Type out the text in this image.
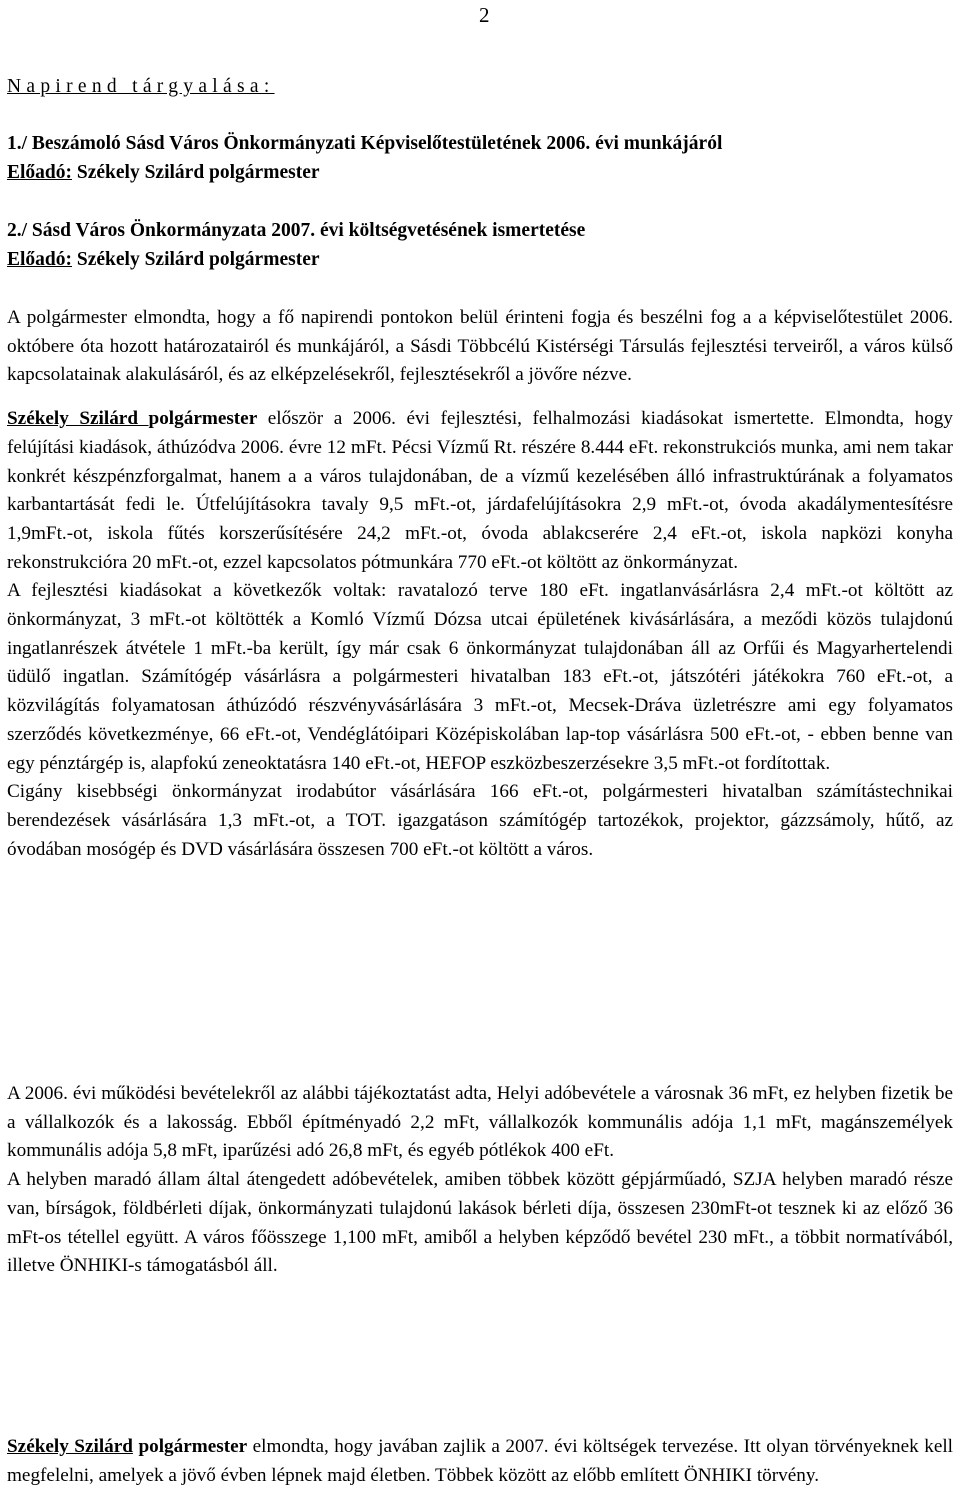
2
Napirend tárgyalása:
1./ Beszámoló Sásd Város Önkormányzati Képviselőtestületének 2006. évi munkájáról
Előadó: Székely Szilárd polgármester
2./ Sásd Város Önkormányzata 2007. évi költségvetésének ismertetése
Előadó: Székely Szilárd polgármester

A polgármester elmondta, hogy a fő napirendi pontokon belül érinteni fogja és beszélni fog a a képviselőtestület 2006. októbere óta hozott határozatairól és munkájáról, a Sásdi Többcélú Kistérségi Társulás fejlesztési terveiről, a város külső kapcsolatainak alakulásáról, és az elképzelésekről, fejlesztésekről a jövőre nézve.

Székely Szilárd polgármester először a 2006. évi fejlesztési, felhalmozási kiadásokat ismertette. Elmondta, hogy felújítási kiadások, áthúzódva 2006. évre 12 mFt. Pécsi Vízmű Rt. részére 8.444 eFt. rekonstrukciós munka, ami nem takar konkrét készpénzforgalmat, hanem a a város tulajdonában, de a vízmű kezelésében álló infrastruktúrának a folyamatos karbantartását fedi le. Útfelújításokra tavaly 9,5 mFt.-ot, járdafelújításokra 2,9 mFt.-ot, óvoda akadálymentesítésre 1,9mFt.-ot, iskola fűtés korszerűsítésére 24,2 mFt.-ot, óvoda ablakcserére 2,4 eFt.-ot, iskola napközi konyha rekonstrukcióra 20 mFt.-ot, ezzel kapcsolatos pótmunkára 770 eFt.-ot költött az önkormányzat.

A fejlesztési kiadásokat a következők voltak: ravatalozó terve 180 eFt. ingatlanvásárlásra 2,4 mFt.-ot költött az önkormányzat, 3 mFt.-ot költötték a Komló Vízmű Dózsa utcai épületének kivásárlására, a meződi közös tulajdonú ingatlanrészek átvétele 1 mFt.-ba került, így már csak 6 önkormányzat tulajdonában áll az Orfűi és Magyarhertelendi üdülő ingatlan. Számítógép vásárlásra a polgármesteri hivatalban 183 eFt.-ot, játszótéri játékokra 760 eFt.-ot, a közvilágítás folyamatosan áthúzódó részvényvásárlására 3 mFt.-ot, Mecsek-Dráva üzletrészre ami egy folyamatos szerződés következménye, 66 eFt.-ot, Vendéglátóipari Középiskolában lap-top vásárlásra 500 eFt.-ot, - ebben benne van egy pénztárgép is, alapfokú zeneoktatásra 140 eFt.-ot, HEFOP eszközbeszerzésekre 3,5 mFt.-ot fordítottak.

Cigány kisebbségi önkormányzat irodabútor vásárlására 166 eFt.-ot, polgármesteri hivatalban számítástechnikai berendezések vásárlására 1,3 mFt.-ot, a TOT. igazgatáson számítógép tartozékok, projektor, gázzsámoly, hűtő, az óvodában mosógép és DVD vásárlására összesen 700 eFt.-ot költött a város.

A 2006. évi működési bevételekről az alábbi tájékoztatást adta, Helyi adóbevétele a városnak 36 mFt, ez helyben fizetik be a vállalkozók és a lakosság. Ebből építményadó 2,2 mFt, vállalkozók kommunális adója 1,1 mFt, magánszemélyek kommunális adója 5,8 mFt, iparűzési adó 26,8 mFt, és egyéb pótlékok 400 eFt.

A helyben maradó állam által átengedett adóbevételek, amiben többek között gépjárműadó, SZJA helyben maradó része van, bírságok, földbérleti díjak, önkormányzati tulajdonú lakások bérleti díja, összesen 230mFt-ot tesznek ki az előző 36 mFt-os tétellel együtt. A város főösszege 1,100 mFt, amiből a helyben képződő bevétel 230 mFt., a többit normatívából, illetve ÖNHIKI-s támogatásból áll.

Székely Szilárd polgármester elmondta, hogy javában zajlik a 2007. évi költségek tervezése. Itt olyan törvényeknek kell megfelelni, amelyek a jövő évben lépnek majd életben. Többek között az előbb említett ÖNHIKI törvény.
